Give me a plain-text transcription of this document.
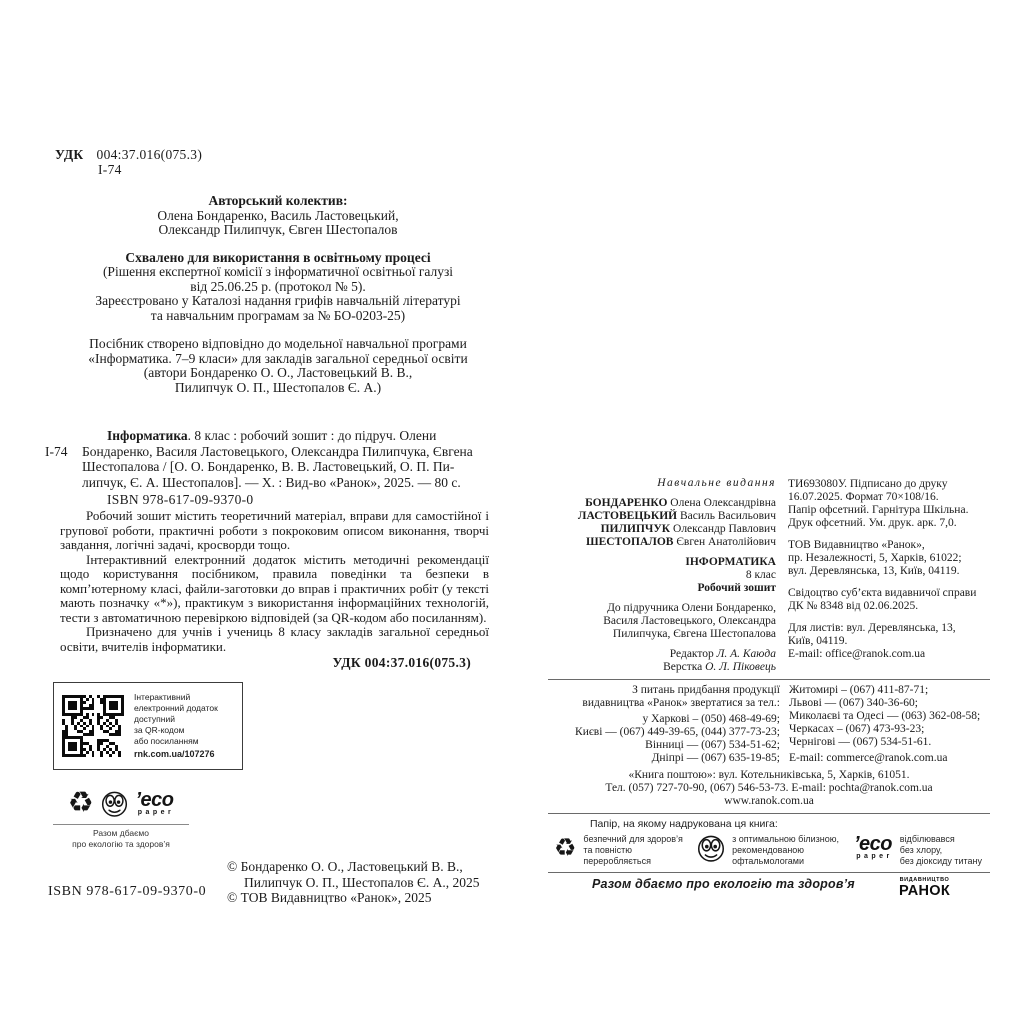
УДК 004:37.016(075.3)
І-74
Авторський колектив:
Олена Бондаренко, Василь Ластовецький,
Олександр Пилипчук, Євген Шестопалов
Схвалено для використання в освітньому процесі
(Рішення експертної комісії з інформатичної освітньої галузі
від 25.06.25 р. (протокол № 5).
Зареєстровано у Каталозі надання грифів навчальній літературі
та навчальним програмам за № БО-0203-25)
Посібник створено відповідно до модельної навчальної програми
«Інформатика. 7–9 класи» для закладів загальної середньої освіти
(автори Бондаренко О. О., Ластовецький В. В.,
Пилипчук О. П., Шестопалов Є. А.)
І-74
Інформатика. 8 клас : робочий зошит : до підруч. Олени
Бондаренко, Василя Ластовецького, Олександра Пилипчука, Євгена
Шестопалова / [О. О. Бондаренко, В. В. Ластовецький, О. П. Пи-
липчук, Є. А. Шестопалов]. — Х. : Вид-во «Ранок», 2025. — 80 с.
ISBN 978-617-09-9370-0

Робочий зошит містить теоретичний матеріал, вправи для самостійної і групової роботи, практичні роботи з покроковим описом виконання, творчі завдання, логічні задачі, кросворди тощо.

Інтерактивний електронний додаток містить методичні рекомендації щодо користування посібником, правила поведінки та безпеки в комп’ютерному класі, файли-заготовки до вправ і практичних робіт (у тексті мають позначку «*»), практикум з використання інформаційних технологій, тести з автоматичною перевіркою відповідей (за QR-кодом або посиланням).

Призначено для учнів і учениць 8 класу закладів загальної середньої освіти, вчителів інформатики.

УДК 004:37.016(075.3)
Інтерактивний
електронний додаток
доступний
за QR-кодом
або посиланням
rnk.com.ua/107276
♻ ’eco
paper
Разом дбаємо
про екологію та здоров’я
ISBN 978-617-09-9370-0
© Бондаренко О. О., Ластовецький В. В.,
Пилипчук О. П., Шестопалов Є. А., 2025
© ТОВ Видавництво «Ранок», 2025
Навчальне видання
БОНДАРЕНКО Олена Олександрівна
ЛАСТОВЕЦЬКИЙ Василь Васильович
ПИЛИПЧУК Олександр Павлович
ШЕСТОПАЛОВ Євген Анатолійович
ІНФОРМАТИКА
8 клас
Робочий зошит
До підручника Олени Бондаренко,
Василя Ластовецького, Олександра
Пилипчука, Євгена Шестопалова
Редактор Л. А. Каюда
Верстка О. Л. Піковець
ТИ693080У. Підписано до друку
16.07.2025. Формат 70×108/16.
Папір офсетний. Гарнітура Шкільна.
Друк офсетний. Ум. друк. арк. 7,0.
ТОВ Видавництво «Ранок»,
пр. Незалежності, 5, Харків, 61022;
вул. Деревлянська, 13, Київ, 04119.
Свідоцтво суб’єкта видавничої справи
ДК № 8348 від 02.06.2025.
Для листів: вул. Деревлянська, 13,
Київ, 04119.
E-mail: office@ranok.com.ua
З питань придбання продукції
видавництва «Ранок» звертатися за тел.:
у Харкові – (050) 468-49-69;
Києві — (067) 449-39-65, (044) 377-73-23;
Вінниці — (067) 534-51-62;
Дніпрі — (067) 635-19-85;
Житомирі – (067) 411-87-71;
Львові — (067) 340-36-60;
Миколаєві та Одесі — (063) 362-08-58;
Черкасах – (067) 473-93-23;
Чернігові — (067) 534-51-61.
E-mail: commerce@ranok.com.ua
«Книга поштою»: вул. Котельниківська, 5, Харків, 61051.
Тел. (057) 727-70-90, (067) 546-53-73. E-mail: pochta@ranok.com.ua
www.ranok.com.ua
Папір, на якому надрукована ця книга:
♻ безпечний для здоров’я
та повністю
переробляється
з оптимальною білизною,
рекомендованою
офтальмологами
’eco
paper
відбілювався
без хлору,
без діоксиду титану
Разом дбаємо про екологію та здоров’я	ВИДАВНИЦТВО
РАНОК
